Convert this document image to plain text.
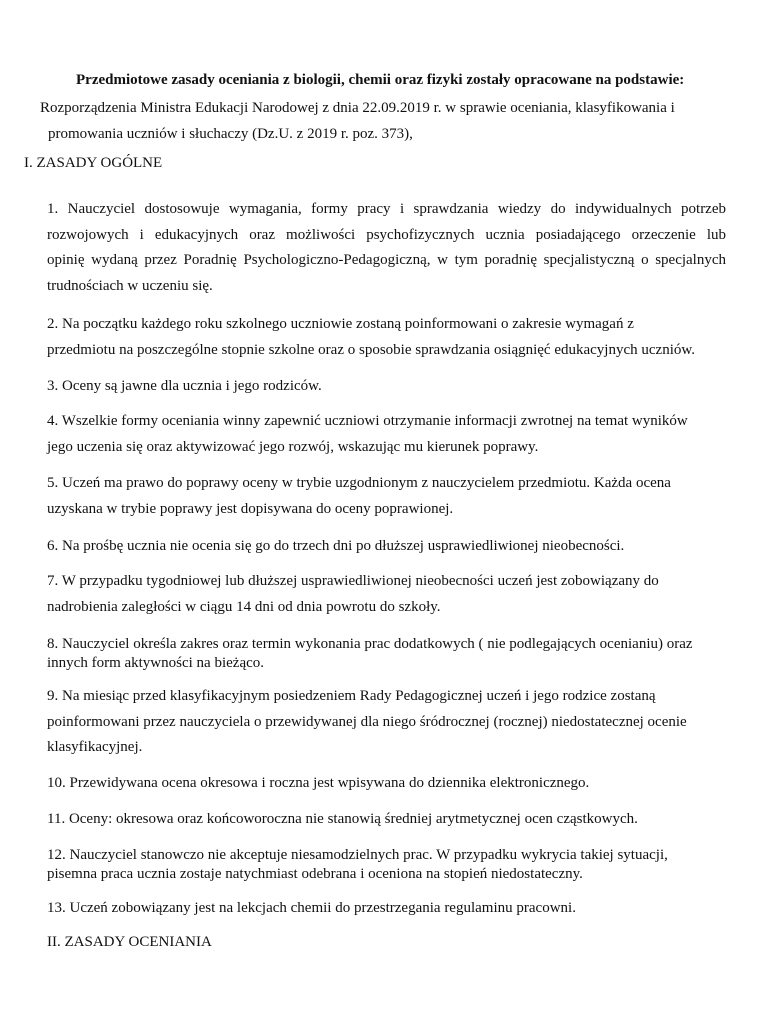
Przedmiotowe zasady oceniania z biologii, chemii oraz fizyki zostały opracowane na podstawie:

Rozporządzenia Ministra Edukacji Narodowej z dnia 22.09.2019 r. w sprawie oceniania, klasyfikowania i
promowania uczniów i słuchaczy (Dz.U. z 2019 r. poz. 373),

I. ZASADY OGÓLNE

1. Nauczyciel dostosowuje wymagania, formy pracy i sprawdzania wiedzy do indywidualnych potrzeb
rozwojowych i edukacyjnych oraz możliwości psychofizycznych ucznia posiadającego orzeczenie lub
opinię wydaną przez Poradnię Psychologiczno-Pedagogiczną, w tym poradnię specjalistyczną o specjalnych
trudnościach w uczeniu się.

2. Na początku każdego roku szkolnego uczniowie zostaną poinformowani o zakresie wymagań z
przedmiotu na poszczególne stopnie szkolne oraz o sposobie sprawdzania osiągnięć edukacyjnych uczniów.

3. Oceny są jawne dla ucznia i jego rodziców.

4. Wszelkie formy oceniania winny zapewnić uczniowi otrzymanie informacji zwrotnej na temat wyników
jego uczenia się oraz aktywizować jego rozwój, wskazując mu kierunek poprawy.

5. Uczeń ma prawo do poprawy oceny w trybie uzgodnionym z nauczycielem przedmiotu. Każda ocena
uzyskana w trybie poprawy jest dopisywana do oceny poprawionej.

6. Na prośbę ucznia nie ocenia się go do trzech dni po dłuższej usprawiedliwionej nieobecności.

7. W przypadku tygodniowej lub dłuższej usprawiedliwionej nieobecności uczeń jest zobowiązany do
nadrobienia zaległości w ciągu 14 dni od dnia powrotu do szkoły.

8. Nauczyciel określa zakres oraz termin wykonania prac dodatkowych ( nie podlegających ocenianiu) oraz
innych form aktywności na bieżąco.

9. Na miesiąc przed klasyfikacyjnym posiedzeniem Rady Pedagogicznej uczeń i jego rodzice zostaną
poinformowani przez nauczyciela o przewidywanej dla niego śródrocznej (rocznej) niedostatecznej ocenie
klasyfikacyjnej.

10. Przewidywana ocena okresowa i roczna jest wpisywana do dziennika elektronicznego.

11. Oceny: okresowa oraz końcoworoczna nie stanowią średniej arytmetycznej ocen cząstkowych.

12. Nauczyciel stanowczo nie akceptuje niesamodzielnych prac. W przypadku wykrycia takiej sytuacji,
pisemna praca ucznia zostaje natychmiast odebrana i oceniona na stopień niedostateczny.

13. Uczeń zobowiązany jest na lekcjach chemii do przestrzegania regulaminu pracowni.

II. ZASADY OCENIANIA
